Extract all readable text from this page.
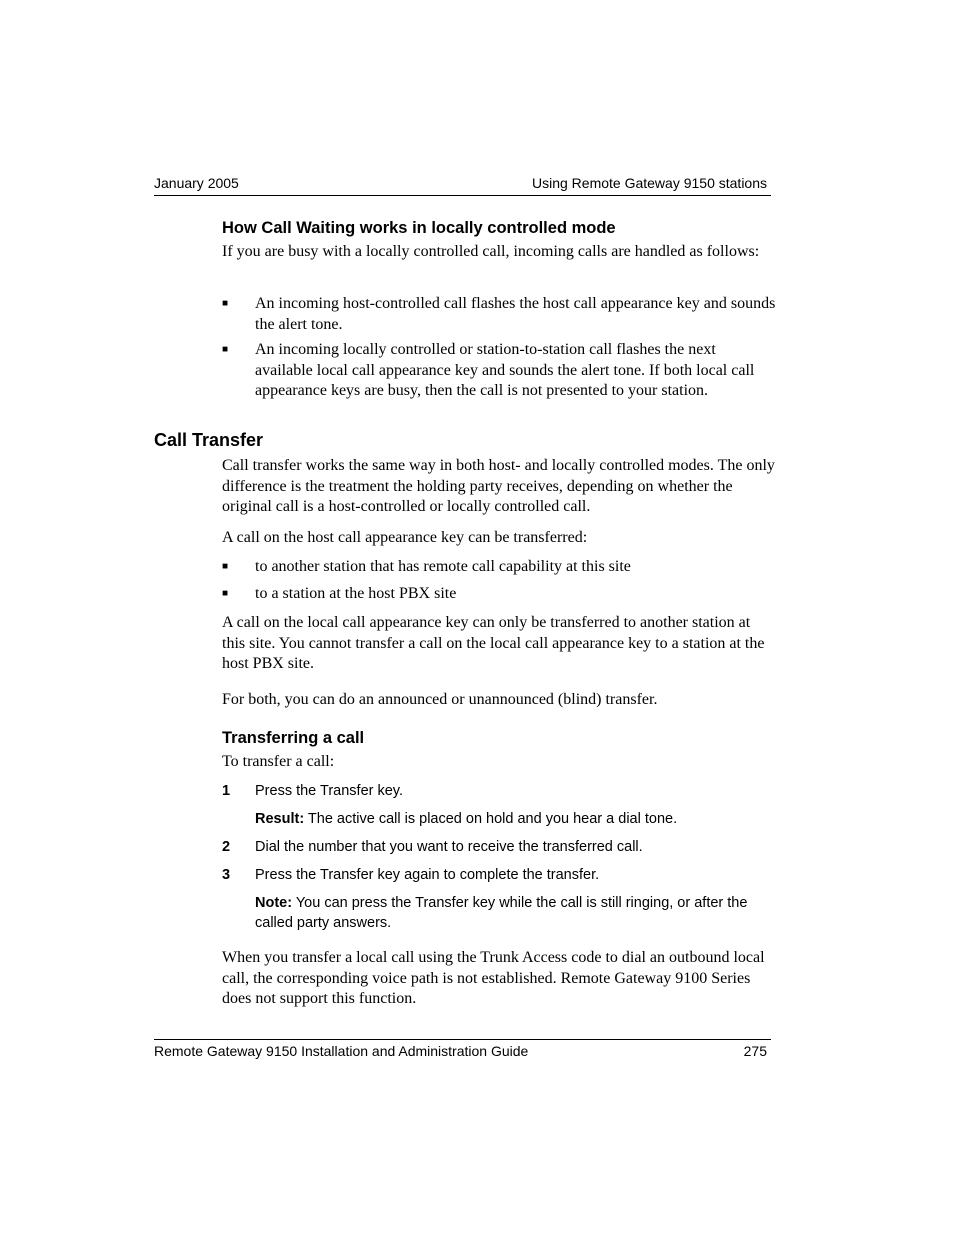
January 2005	Using Remote Gateway 9150 stations
How Call Waiting works in locally controlled mode
If you are busy with a locally controlled call, incoming calls are handled as follows:
■ An incoming host-controlled call flashes the host call appearance key and sounds the alert tone.
■ An incoming locally controlled or station-to-station call flashes the next available local call appearance key and sounds the alert tone. If both local call appearance keys are busy, then the call is not presented to your station.
Call Transfer
Call transfer works the same way in both host- and locally controlled modes. The only difference is the treatment the holding party receives, depending on whether the original call is a host-controlled or locally controlled call.
A call on the host call appearance key can be transferred:
■ to another station that has remote call capability at this site
■ to a station at the host PBX site
A call on the local call appearance key can only be transferred to another station at this site. You cannot transfer a call on the local call appearance key to a station at the host PBX site.
For both, you can do an announced or unannounced (blind) transfer.
Transferring a call
To transfer a call:
1 Press the Transfer key.
Result: The active call is placed on hold and you hear a dial tone.
2 Dial the number that you want to receive the transferred call.
3 Press the Transfer key again to complete the transfer.
Note: You can press the Transfer key while the call is still ringing, or after the called party answers.
When you transfer a local call using the Trunk Access code to dial an outbound local call, the corresponding voice path is not established. Remote Gateway 9100 Series does not support this function.
Remote Gateway 9150 Installation and Administration Guide	275
